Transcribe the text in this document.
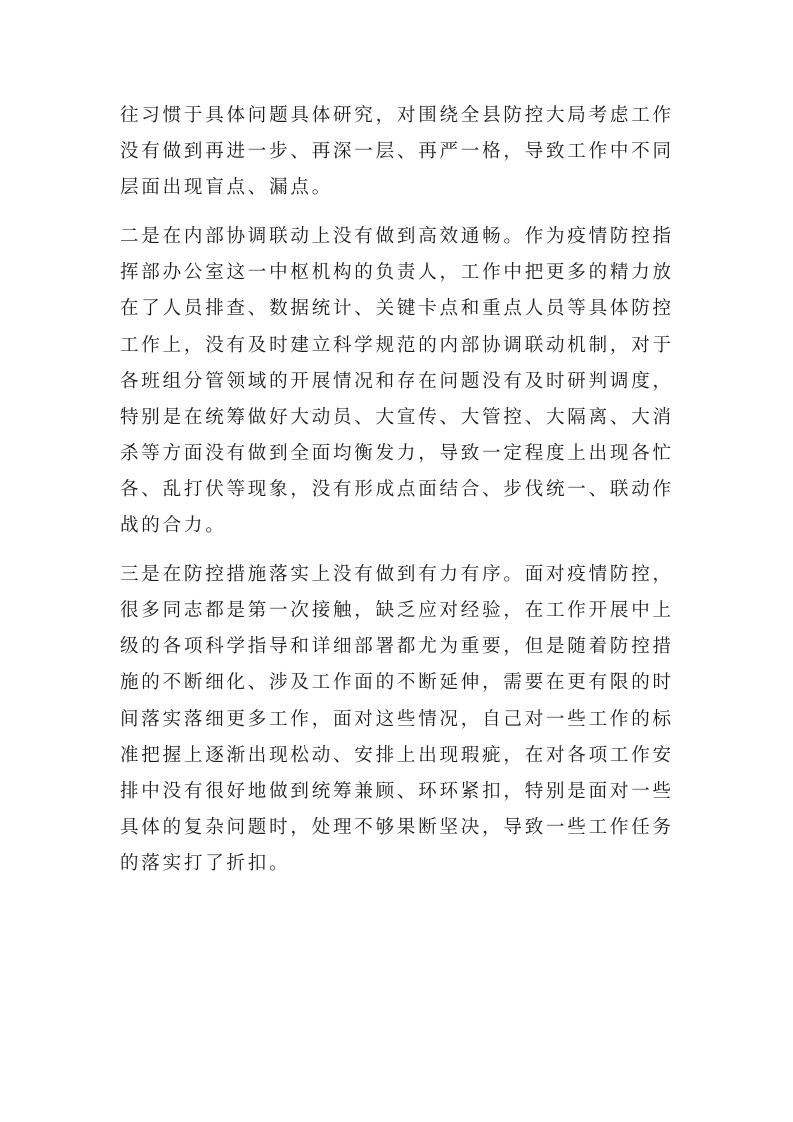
往习惯于具体问题具体研究，对围绕全县防控大局考虑工作
没有做到再进一步、再深一层、再严一格，导致工作中不同
层面出现盲点、漏点。

二是在内部协调联动上没有做到高效通畅。作为疫情防控指
挥部办公室这一中枢机构的负责人，工作中把更多的精力放
在了人员排查、数据统计、关键卡点和重点人员等具体防控
工作上，没有及时建立科学规范的内部协调联动机制，对于
各班组分管领域的开展情况和存在问题没有及时研判调度，
特别是在统筹做好大动员、大宣传、大管控、大隔离、大消
杀等方面没有做到全面均衡发力，导致一定程度上出现各忙
各、乱打伏等现象，没有形成点面结合、步伐统一、联动作
战的合力。

三是在防控措施落实上没有做到有力有序。面对疫情防控，
很多同志都是第一次接触，缺乏应对经验，在工作开展中上
级的各项科学指导和详细部署都尤为重要，但是随着防控措
施的不断细化、涉及工作面的不断延伸，需要在更有限的时
间落实落细更多工作，面对这些情况，自己对一些工作的标
准把握上逐渐出现松动、安排上出现瑕疵，在对各项工作安
排中没有很好地做到统筹兼顾、环环紧扣，特别是面对一些
具体的复杂问题时，处理不够果断坚决，导致一些工作任务
的落实打了折扣。
